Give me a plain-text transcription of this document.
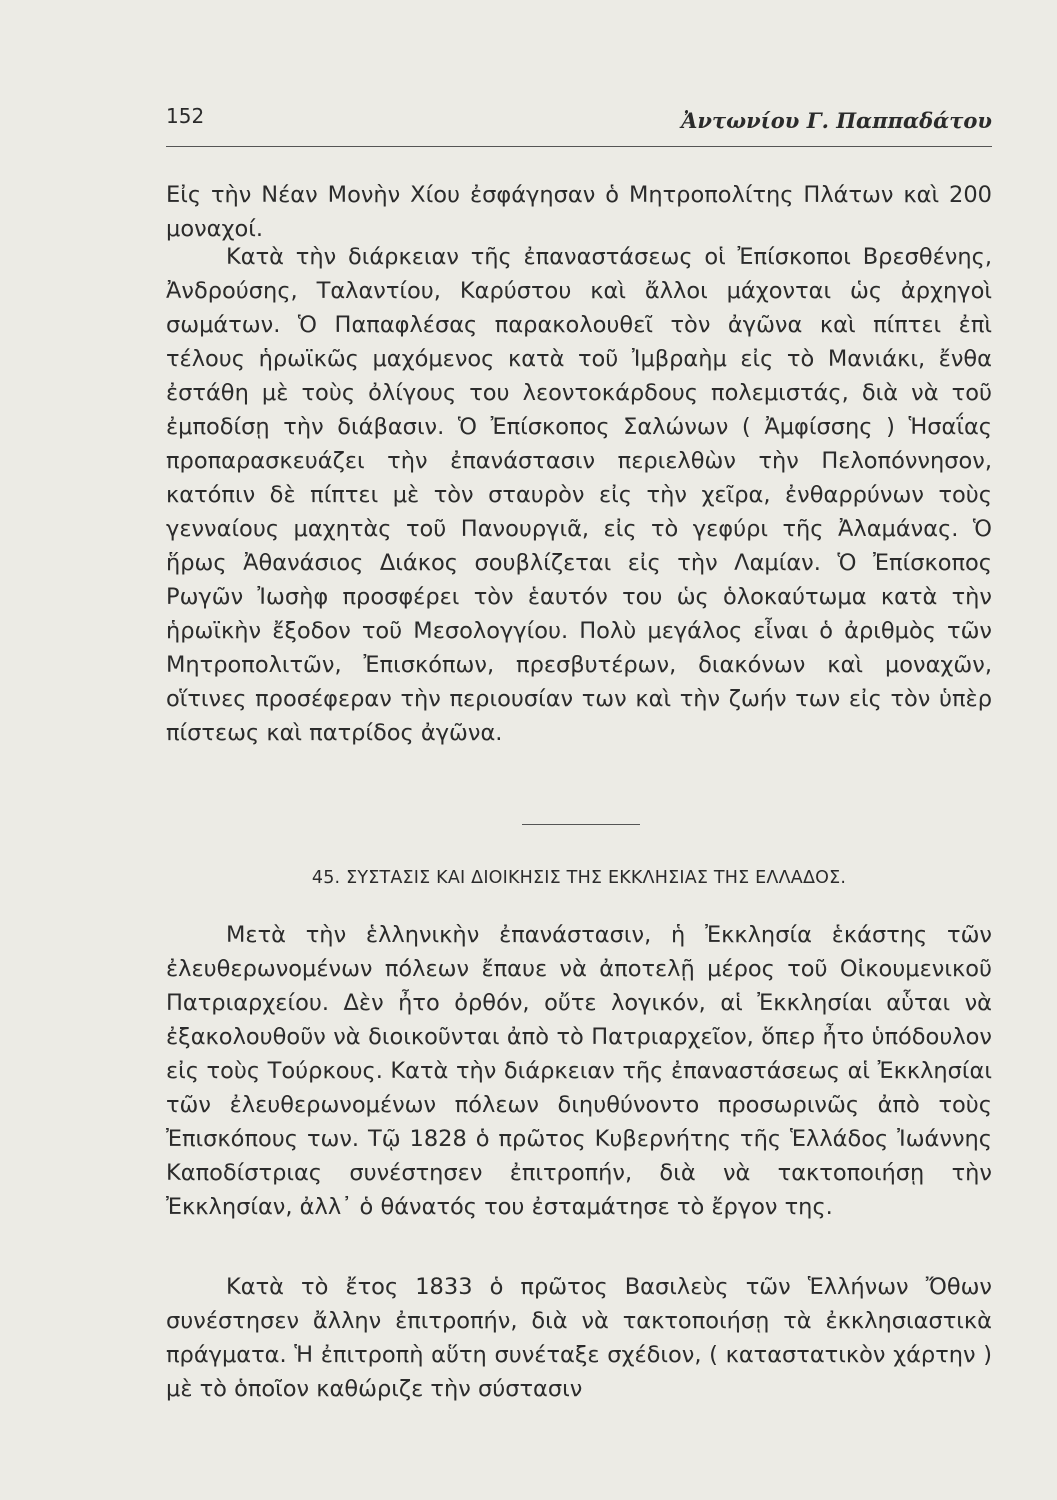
152	Ἀντωνίου Γ. Παππαδάτου

Εἰς τὴν Νέαν Μονὴν Χίου ἐσφάγησαν ὁ Μητροπολίτης Πλάτων καὶ 200 μοναχοί.

Κατὰ τὴν διάρκειαν τῆς ἐπαναστάσεως οἱ Ἐπίσκοποι Βρεσθένης, Ἀνδρούσης, Ταλαντίου, Καρύστου καὶ ἄλλοι μάχονται ὡς ἀρχηγοὶ σωμάτων. Ὁ Παπαφλέσας παρακολουθεῖ τὸν ἀγῶνα καὶ πίπτει ἐπὶ τέλους ἡρωϊκῶς μαχόμενος κατὰ τοῦ Ἰμβραὴμ εἰς τὸ Μανιάκι, ἔνθα ἐστάθη μὲ τοὺς ὀλίγους του λεοντοκάρδους πολεμιστάς, διὰ νὰ τοῦ ἐμποδίσῃ τὴν διάβασιν. Ὁ Ἐπίσκοπος Σαλώνων ( Ἀμφίσσης ) Ἡσαΐας προπαρασκευάζει τὴν ἐπανάστασιν περιελθὼν τὴν Πελοπόννησον, κατόπιν δὲ πίπτει μὲ τὸν σταυρὸν εἰς τὴν χεῖρα, ἐνθαρρύνων τοὺς γενναίους μαχητὰς τοῦ Πανουργιᾶ, εἰς τὸ γεφύρι τῆς Ἀλαμάνας. Ὁ ἥρως Ἀθανάσιος Διάκος σουβλίζεται εἰς τὴν Λαμίαν. Ὁ Ἐπίσκοπος Ρωγῶν Ἰωσὴφ προσφέρει τὸν ἑαυτόν του ὡς ὁλοκαύτωμα κατὰ τὴν ἡρωϊκὴν ἔξοδον τοῦ Μεσολογγίου. Πολὺ μεγάλος εἶναι ὁ ἀριθμὸς τῶν Μητροπολιτῶν, Ἐπισκόπων, πρεσβυτέρων, διακόνων καὶ μοναχῶν, οἵτινες προσέφεραν τὴν περιουσίαν των καὶ τὴν ζωήν των εἰς τὸν ὑπὲρ πίστεως καὶ πατρίδος ἀγῶνα.

45. ΣΥΣΤΑΣΙΣ ΚΑΙ ΔΙΟΙΚΗΣΙΣ ΤΗΣ ΕΚΚΛΗΣΙΑΣ ΤΗΣ ΕΛΛΑΔΟΣ.

Μετὰ τὴν ἑλληνικὴν ἐπανάστασιν, ἡ Ἐκκλησία ἑκάστης τῶν ἐλευθερωνομένων πόλεων ἔπαυε νὰ ἀποτελῇ μέρος τοῦ Οἰκουμενικοῦ Πατριαρχείου. Δὲν ἦτο ὀρθόν, οὔτε λογικόν, αἱ Ἐκκλησίαι αὗται νὰ ἐξακολουθοῦν νὰ διοικοῦνται ἀπὸ τὸ Πατριαρχεῖον, ὅπερ ἦτο ὑπόδουλον εἰς τοὺς Τούρκους. Κατὰ τὴν διάρκειαν τῆς ἐπαναστάσεως αἱ Ἐκκλησίαι τῶν ἐλευθερωνομένων πόλεων διηυθύνοντο προσωρινῶς ἀπὸ τοὺς Ἐπισκόπους των. Τῷ 1828 ὁ πρῶτος Κυβερνήτης τῆς Ἑλλάδος Ἰωάννης Καποδίστριας συνέστησεν ἐπιτροπήν, διὰ νὰ τακτοποιήσῃ τὴν Ἐκκλησίαν, ἀλλ᾽ ὁ θάνατός του ἐσταμάτησε τὸ ἔργον της.

Κατὰ τὸ ἔτος 1833 ὁ πρῶτος Βασιλεὺς τῶν Ἑλλήνων Ὄθων συνέστησεν ἄλλην ἐπιτροπήν, διὰ νὰ τακτοποιήσῃ τὰ ἐκκλησιαστικὰ πράγματα. Ἡ ἐπιτροπὴ αὕτη συνέταξε σχέδιον, ( καταστατικὸν χάρτην ) μὲ τὸ ὁποῖον καθώριζε τὴν σύστασιν
